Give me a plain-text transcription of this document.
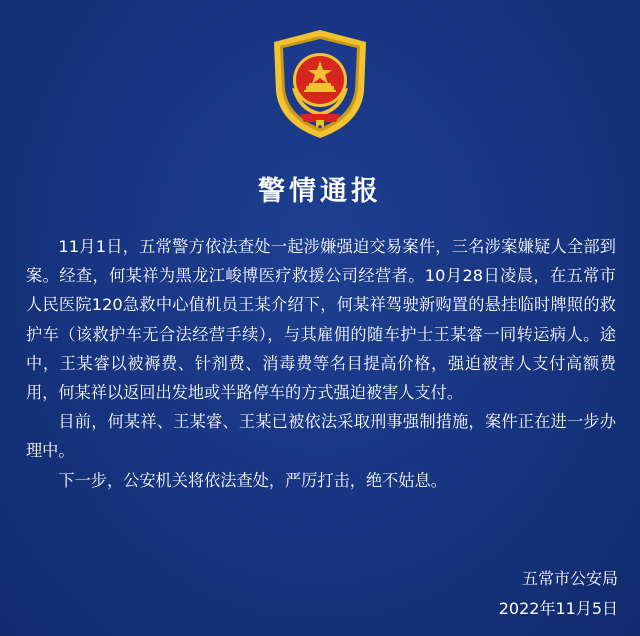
警情通报

11月1日，五常警方依法查处一起涉嫌强迫交易案件，三名涉案嫌疑人全部到案。经查，何某祥为黑龙江峻博医疗救援公司经营者。10月28日凌晨，在五常市人民医院120急救中心值机员王某介绍下，何某祥驾驶新购置的悬挂临时牌照的救护车（该救护车无合法经营手续），与其雇佣的随车护士王某睿一同转运病人。途中，王某睿以被褥费、针剂费、消毒费等名目提高价格，强迫被害人支付高额费用，何某祥以返回出发地或半路停车的方式强迫被害人支付。

目前，何某祥、王某睿、王某已被依法采取刑事强制措施，案件正在进一步办理中。

下一步，公安机关将依法查处，严厉打击，绝不姑息。

五常市公安局
2022年11月5日
